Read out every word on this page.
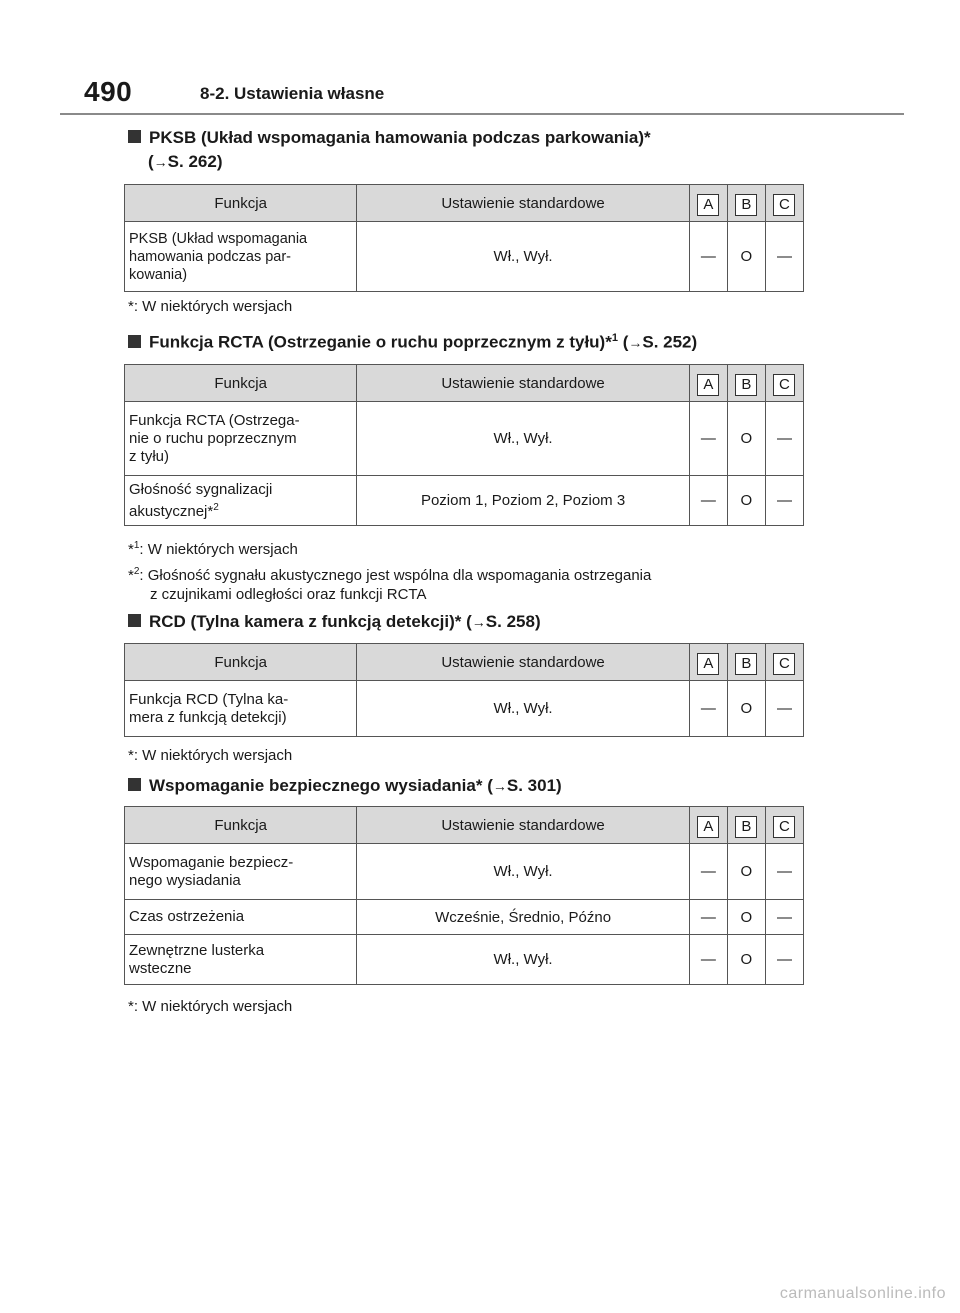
490	8-2. Ustawienia własne
PKSB (Układ wspomagania hamowania podczas parkowania)*
(→S. 262)
Funkcja	Ustawienie standardowe	A	B	C
PKSB (Układ wspomagania
hamowania podczas par-
kowania)	Wł., Wył.	—	O	—
*: W niektórych wersjach
Funkcja RCTA (Ostrzeganie o ruchu poprzecznym z tyłu)*$^1$ (→S. 252)
Funkcja	Ustawienie standardowe	A	B	C
Funkcja RCTA (Ostrzega-
nie o ruchu poprzecznym
z tyłu)	Wł., Wył.	—	O	—
Głośność sygnalizacji
akustycznej*$^2$	Poziom 1, Poziom 2, Poziom 3	—	O	—
*$^1$: W niektórych wersjach
*$^2$: Głośność sygnału akustycznego jest wspólna dla wspomagania ostrzegania
z czujnikami odległości oraz funkcji RCTA
RCD (Tylna kamera z funkcją detekcji)* (→S. 258)
Funkcja	Ustawienie standardowe	A	B	C
Funkcja RCD (Tylna ka-
mera z funkcją detekcji)	Wł., Wył.	—	O	—
*: W niektórych wersjach
Wspomaganie bezpiecznego wysiadania* (→S. 301)
Funkcja	Ustawienie standardowe	A	B	C
Wspomaganie bezpiecz-
nego wysiadania	Wł., Wył.	—	O	—
Czas ostrzeżenia	Wcześnie, Średnio, Późno	—	O	—
Zewnętrzne lusterka
wsteczne	Wł., Wył.	—	O	—
*: W niektórych wersjach
carmanualsonline.info
